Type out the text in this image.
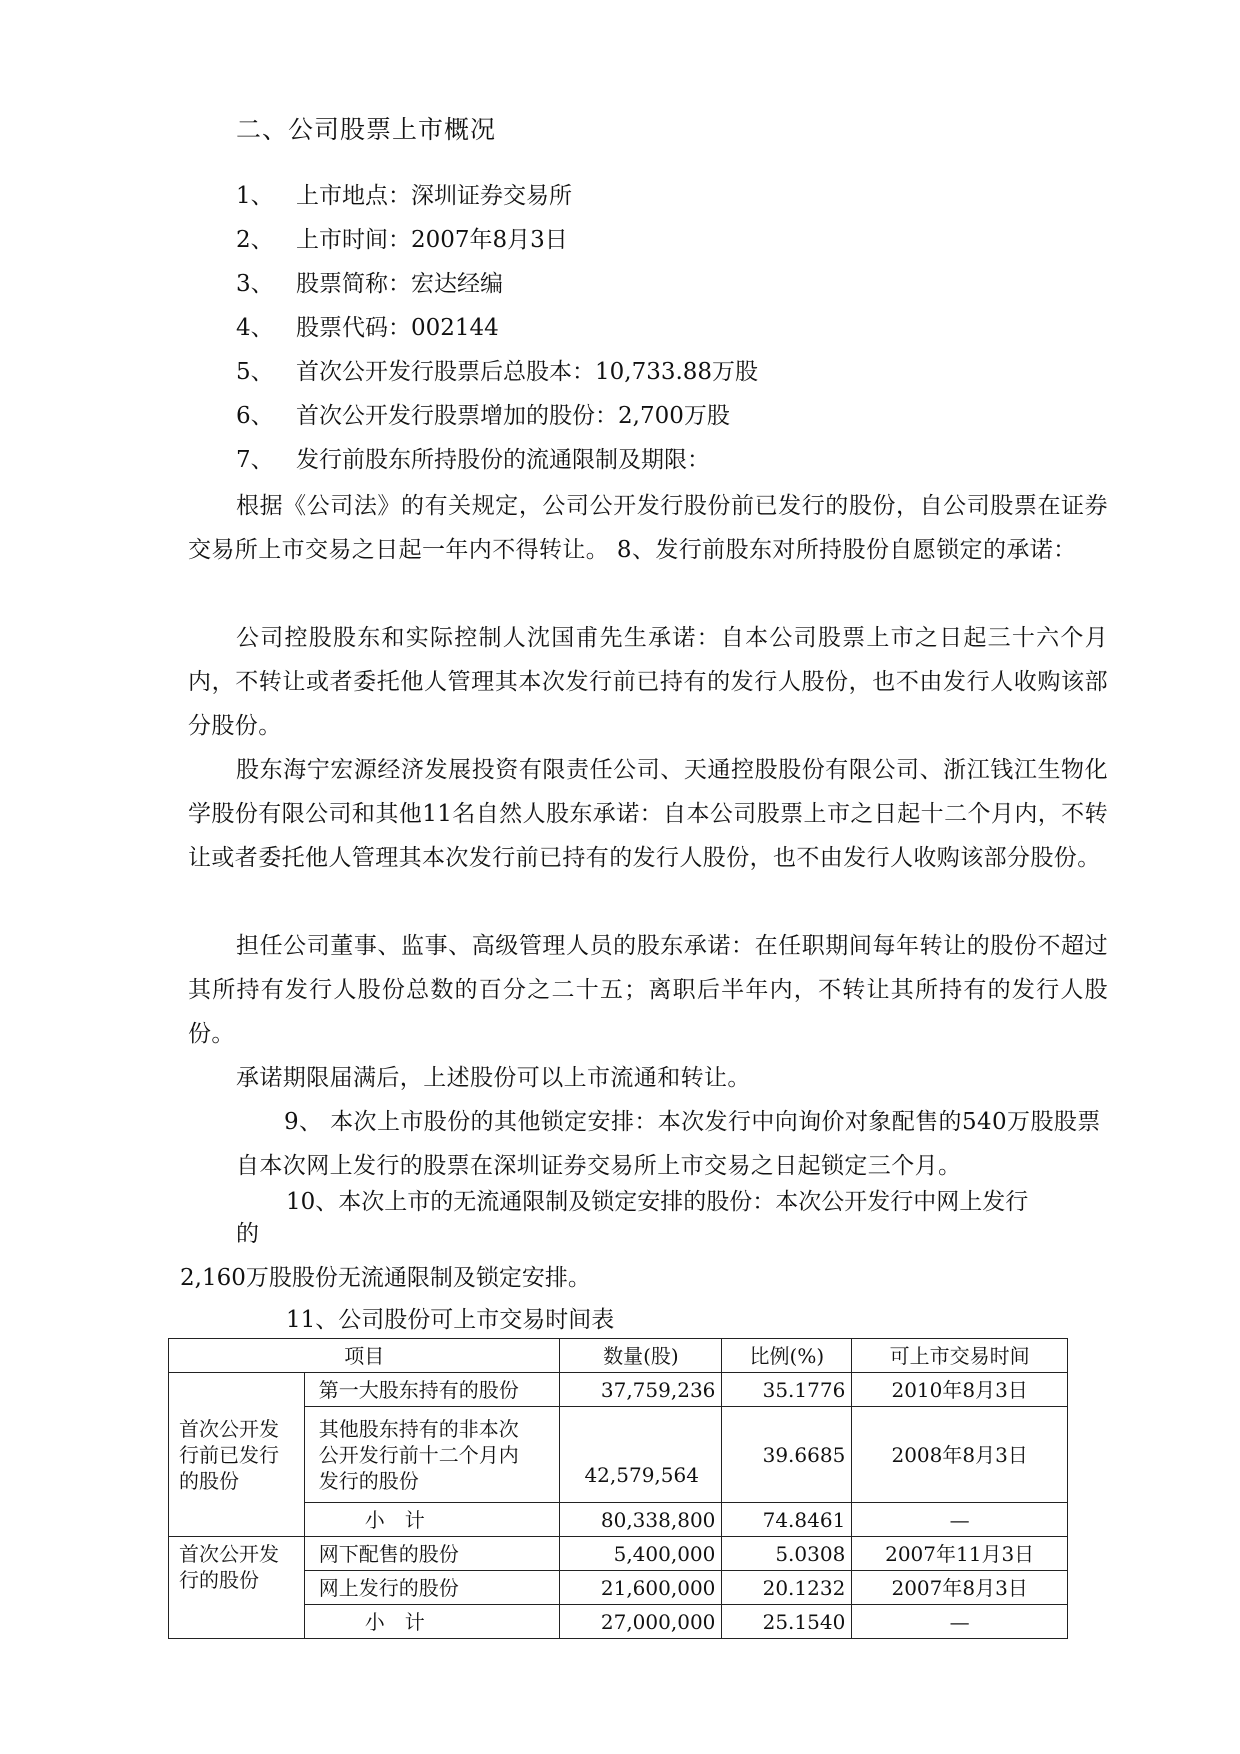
二、公司股票上市概况
1、 上市地点：深圳证券交易所
2、 上市时间：2007年8月3日
3、 股票简称：宏达经编
4、 股票代码：002144
5、 首次公开发行股票后总股本：10,733.88万股
6、 首次公开发行股票增加的股份：2,700万股
7、 发行前股东所持股份的流通限制及期限：
根据《公司法》的有关规定，公司公开发行股份前已发行的股份，自公司股票在证券交易所上市交易之日起一年内不得转让。 8、发行前股东对所持股份自愿锁定的承诺：
公司控股股东和实际控制人沈国甫先生承诺：自本公司股票上市之日起三十六个月内，不转让或者委托他人管理其本次发行前已持有的发行人股份，也不由发行人收购该部分股份。
股东海宁宏源经济发展投资有限责任公司、天通控股股份有限公司、浙江钱江生物化学股份有限公司和其他11名自然人股东承诺：自本公司股票上市之日起十二个月内，不转让或者委托他人管理其本次发行前已持有的发行人股份，也不由发行人收购该部分股份。
担任公司董事、监事、高级管理人员的股东承诺：在任职期间每年转让的股份不超过其所持有发行人股份总数的百分之二十五；离职后半年内，不转让其所持有的发行人股份。
承诺期限届满后，上述股份可以上市流通和转让。
9、 本次上市股份的其他锁定安排：本次发行中向询价对象配售的540万股股票自本次网上发行的股票在深圳证券交易所上市交易之日起锁定三个月。
10、本次上市的无流通限制及锁定安排的股份：本次公开发行中网上发行
的
2,160万股股份无流通限制及锁定安排。
11、公司股份可上市交易时间表
项目		数量(股)	比例(%)	可上市交易时间
首次公开发行前已发行的股份	第一大股东持有的股份	37,759,236	35.1776	2010年8月3日
	其他股东持有的非本次公开发行前十二个月内发行的股份	42,579,564	39.6685	2008年8月3日
	小　计	80,338,800	74.8461	—
首次公开发行的股份	网下配售的股份	5,400,000	5.0308	2007年11月3日
	网上发行的股份	21,600,000	20.1232	2007年8月3日
	小　计	27,000,000	25.1540	—
